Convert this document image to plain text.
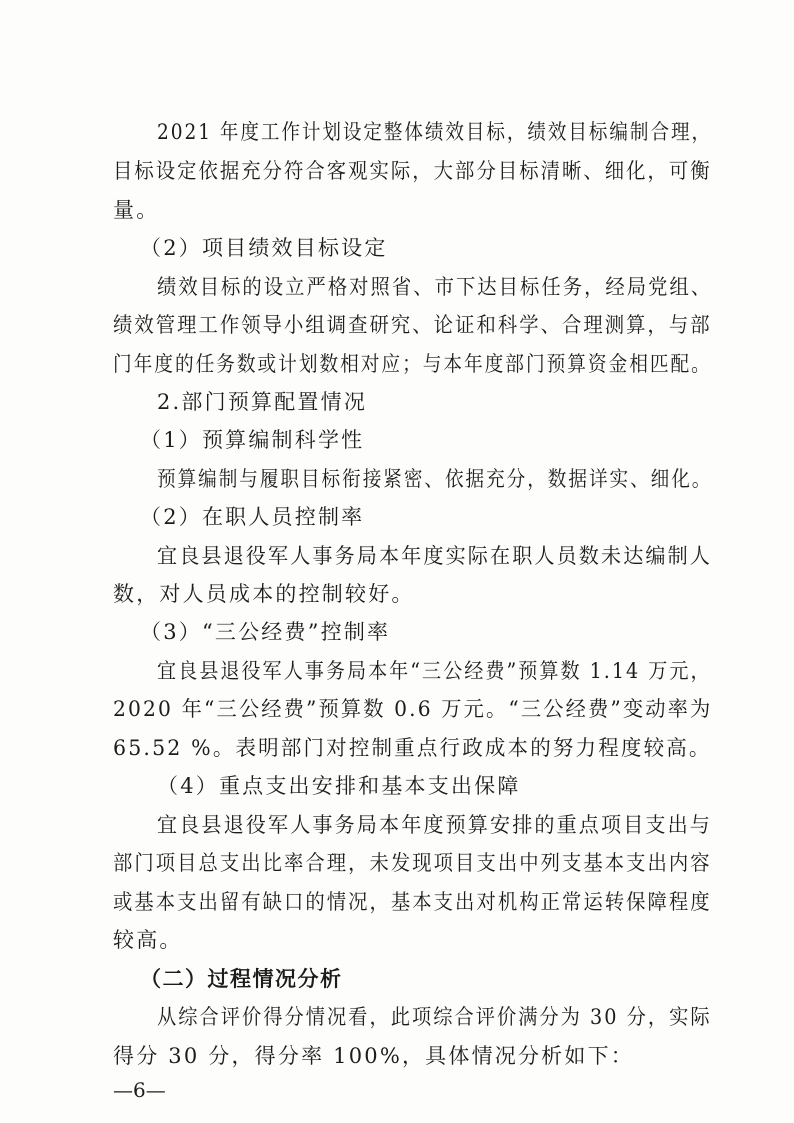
2021 年度工作计划设定整体绩效目标，绩效目标编制合理，
目标设定依据充分符合客观实际，大部分目标清晰、细化，可衡
量。
（2）项目绩效目标设定
绩效目标的设立严格对照省、市下达目标任务，经局党组、
绩效管理工作领导小组调查研究、论证和科学、合理测算，与部
门年度的任务数或计划数相对应；与本年度部门预算资金相匹配。
2.部门预算配置情况
（1）预算编制科学性
预算编制与履职目标衔接紧密、依据充分，数据详实、细化。
（2）在职人员控制率
宜良县退役军人事务局本年度实际在职人员数未达编制人
数，对人员成本的控制较好。
（3）“三公经费”控制率
宜良县退役军人事务局本年“三公经费”预算数 1.14 万元，
2020 年“三公经费”预算数 0.6 万元。“三公经费”变动率为
65.52 %。表明部门对控制重点行政成本的努力程度较高。
（4）重点支出安排和基本支出保障
宜良县退役军人事务局本年度预算安排的重点项目支出与
部门项目总支出比率合理，未发现项目支出中列支基本支出内容
或基本支出留有缺口的情况，基本支出对机构正常运转保障程度
较高。
（二）过程情况分析
从综合评价得分情况看，此项综合评价满分为 30 分，实际
得分 30 分，得分率 100%，具体情况分析如下：
—6—
